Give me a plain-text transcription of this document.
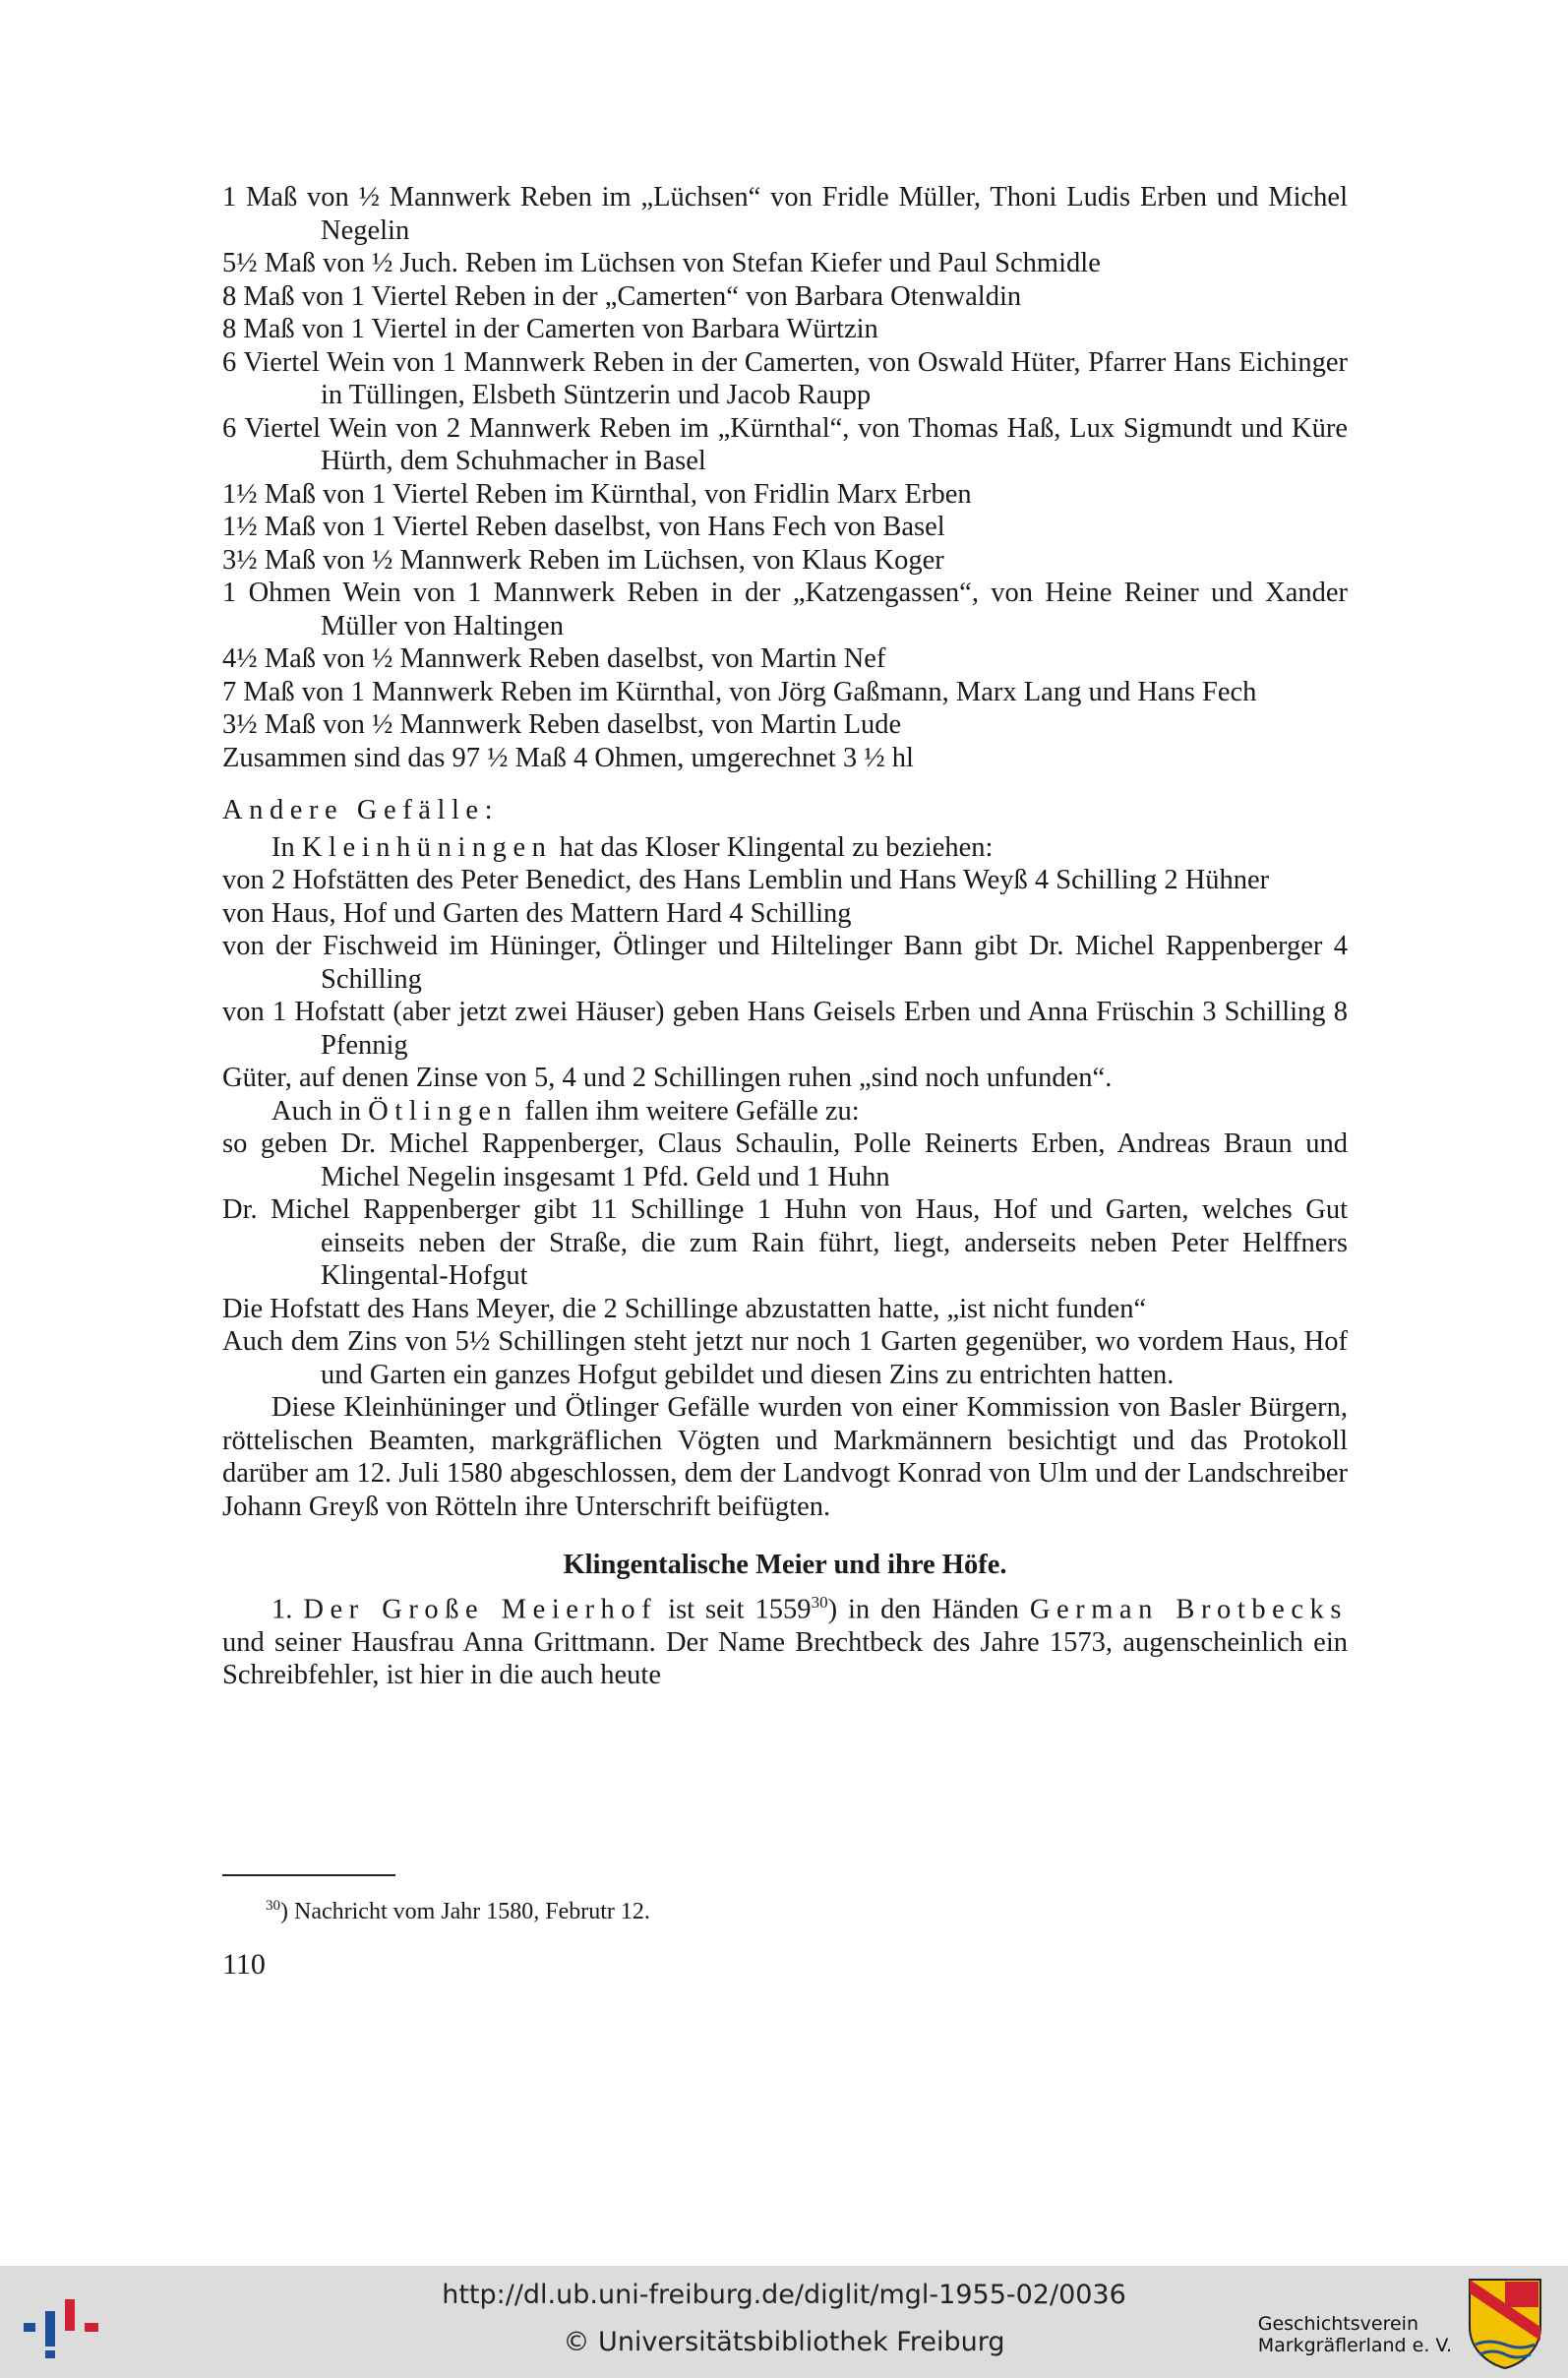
1 Maß von ½ Mannwerk Reben im „Lüchsen“ von Fridle Müller, Thoni Ludis Erben und Michel Negelin
5½ Maß von ½ Juch. Reben im Lüchsen von Stefan Kiefer und Paul Schmidle
8 Maß von 1 Viertel Reben in der „Camerten“ von Barbara Otenwaldin
8 Maß von 1 Viertel in der Camerten von Barbara Würtzin
6 Viertel Wein von 1 Mannwerk Reben in der Camerten, von Oswald Hüter, Pfarrer Hans Eichinger in Tüllingen, Elsbeth Süntzerin und Jacob Raupp
6 Viertel Wein von 2 Mannwerk Reben im „Kürnthal“, von Thomas Haß, Lux Sigmundt und Küre Hürth, dem Schuhmacher in Basel
1½ Maß von 1 Viertel Reben im Kürnthal, von Fridlin Marx Erben
1½ Maß von 1 Viertel Reben daselbst, von Hans Fech von Basel
3½ Maß von ½ Mannwerk Reben im Lüchsen, von Klaus Koger
1 Ohmen Wein von 1 Mannwerk Reben in der „Katzengassen“, von Heine Reiner und Xander Müller von Haltingen
4½ Maß von ½ Mannwerk Reben daselbst, von Martin Nef
7 Maß von 1 Mannwerk Reben im Kürnthal, von Jörg Gaßmann, Marx Lang und Hans Fech
3½ Maß von ½ Mannwerk Reben daselbst, von Martin Lude
Zusammen sind das 97 ½ Maß 4 Ohmen, umgerechnet 3 ½ hl
Andere Gefälle:
In Kleinhüningen hat das Kloser Klingental zu beziehen:
von 2 Hofstätten des Peter Benedict, des Hans Lemblin und Hans Weyß 4 Schilling 2 Hühner
von Haus, Hof und Garten des Mattern Hard 4 Schilling
von der Fischweid im Hüninger, Ötlinger und Hiltelinger Bann gibt Dr. Michel Rappenberger 4 Schilling
von 1 Hofstatt (aber jetzt zwei Häuser) geben Hans Geisels Erben und Anna Früschin 3 Schilling 8 Pfennig
Güter, auf denen Zinse von 5, 4 und 2 Schillingen ruhen „sind noch unfunden“.
Auch in Ötlingen fallen ihm weitere Gefälle zu:
so geben Dr. Michel Rappenberger, Claus Schaulin, Polle Reinerts Erben, Andreas Braun und Michel Negelin insgesamt 1 Pfd. Geld und 1 Huhn
Dr. Michel Rappenberger gibt 11 Schillinge 1 Huhn von Haus, Hof und Garten, welches Gut einseits neben der Straße, die zum Rain führt, liegt, anderseits neben Peter Helffners Klingental-Hofgut
Die Hofstatt des Hans Meyer, die 2 Schillinge abzustatten hatte, „ist nicht funden“
Auch dem Zins von 5½ Schillingen steht jetzt nur noch 1 Garten gegenüber, wo vordem Haus, Hof und Garten ein ganzes Hofgut gebildet und diesen Zins zu entrichten hatten.
Diese Kleinhüninger und Ötlinger Gefälle wurden von einer Kommission von Basler Bürgern, röttelischen Beamten, markgräflichen Vögten und Markmännern besichtigt und das Protokoll darüber am 12. Juli 1580 abgeschlossen, dem der Landvogt Konrad von Ulm und der Landschreiber Johann Greyß von Rötteln ihre Unterschrift beifügten.
Klingentalische Meier und ihre Höfe.
1. Der Große Meierhof ist seit 1559$^{30}$) in den Händen German Brotbecks und seiner Hausfrau Anna Grittmann. Der Name Brechtbeck des Jahre 1573, augenscheinlich ein Schreibfehler, ist hier in die auch heute
$^{30}$) Nachricht vom Jahr 1580, Februtr 12.
110
http://dl.ub.uni-freiburg.de/diglit/mgl-1955-02/0036
© Universitätsbibliothek Freiburg
Geschichtsverein
Markgräflerland e. V.
